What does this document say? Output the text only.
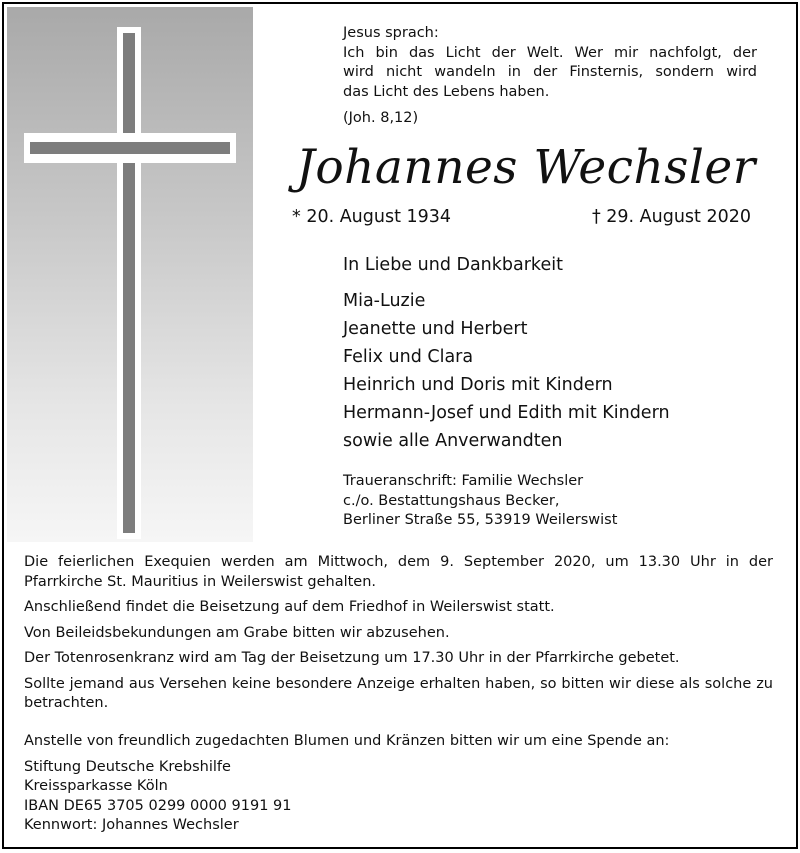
Jesus sprach:
Ich bin das Licht der Welt. Wer mir nachfolgt, der
wird nicht wandeln in der Finsternis, sondern wird
das Licht des Lebens haben.
(Joh. 8,12)
Johannes Wechsler
* 20. August 1934	† 29. August 2020
In Liebe und Dankbarkeit
Mia-Luzie
Jeanette und Herbert
Felix und Clara
Heinrich und Doris mit Kindern
Hermann-Josef und Edith mit Kindern
sowie alle Anverwandten
Traueranschrift: Familie Wechsler
c./o. Bestattungshaus Becker,
Berliner Straße 55, 53919 Weilerswist

Die feierlichen Exequien werden am Mittwoch, dem 9. September 2020, um 13.30 Uhr in der Pfarrkirche St. Mauritius in Weilerswist gehalten.

Anschließend findet die Beisetzung auf dem Friedhof in Weilerswist statt.

Von Beileidsbekundungen am Grabe bitten wir abzusehen.

Der Totenrosenkranz wird am Tag der Beisetzung um 17.30 Uhr in der Pfarrkirche gebetet.

Sollte jemand aus Versehen keine besondere Anzeige erhalten haben, so bitten wir diese als solche zu betrachten.

Anstelle von freundlich zugedachten Blumen und Kränzen bitten wir um eine Spende an:
Stiftung Deutsche Krebshilfe
Kreissparkasse Köln
IBAN DE65 3705 0299 0000 9191 91
Kennwort: Johannes Wechsler
